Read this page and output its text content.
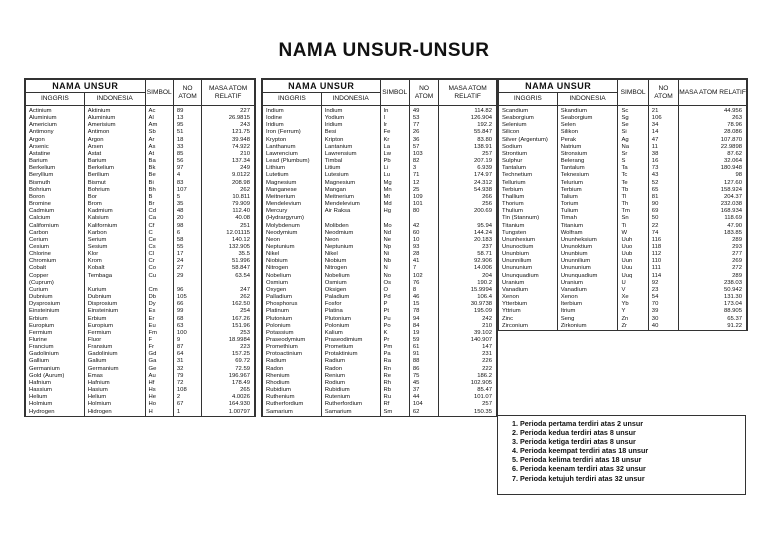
NAMA UNSUR-UNSUR
NAMA UNSUR		SIMBOL	NO ATOM	MASA ATOM RELATIF
INGGRIS	INDONESIA			
Actinium	Aktinium	Ac	89	227
Aluminium	Aluminium	Al	13	26.9815
Americium	Amerisium	Am	95	243
Antimony	Antimon	Sb	51	121.75
Argon	Argon	Ar	18	39.948
Arsenic	Arsen	As	33	74.922
Astatine	Astat	At	85	210
Barium	Barium	Ba	56	137.34
Berkelium	Berkelium	Bk	97	249
Beryllium	Berilium	Be	4	9.0122
Bismuth	Bismut	Bi	83	208.98
Bohrium	Bohrium	Bh	107	262
Boron	Bor	B	5	10.811
Bromine	Brom	Br	35	79.909
Cadmium	Kadmium	Cd	48	112.40
Calcium	Kalsium	Ca	20	40.08
Californium	Kalifornium	Cf	98	251
Carbon	Karbon	C	6	12.01115
Cerium	Serium	Ce	58	140.12
Cesium	Sesium	Cs	55	132.905
Chlorine	Klor	Cl	17	35.5
Chromium	Krom	Cr	24	51.996
Cobalt	Kobalt	Co	27	58.847
Copper	Tembaga	Cu	29	63.54
(Cuprum)				
Curium	Kurium	Cm	96	247
Dubnium	Dubnium	Db	105	262
Dysprosium	Disprosium	Dy	66	162.50
Einsteinium	Einsteinium	Es	99	254
Erbium	Erbium	Er	68	167.26
Europium	Europium	Eu	63	151.96
Fermium	Fermium	Fm	100	253
Flurine	Fluor	F	9	18.9984
Francium	Fransium	Fr	87	223
Gadolinium	Gadolinium	Gd	64	157.25
Gallium	Galium	Ga	31	69.72
Germanium	Germanium	Ge	32	72.59
Gold (Aurum)	Emas	Au	79	196.967
Hafnium	Hafnium	Hf	72	178.49
Hassium	Hasium	Hs	108	265
Helium	Helium	He	2	4.0026
Holmium	Holmium	Ho	67	164.930
Hydrogen	Hidrogen	H	1	1.00797
NAMA UNSUR		SIMBOL	NO ATOM	MASA ATOM RELATIF
INGGRIS	INDONESIA			
Indium	Indium	In	49	114.82
Iodine	Yodium	I	53	126.904
Iridium	Iridium	Ir	77	192.2
Iron (Ferrum)	Besi	Fe	26	55.847
Krypton	Kripton	Kr	36	83.80
Lanthanum	Lantanium	La	57	138.91
Lawrencium	Lawrensium	Lw	103	257
Lead (Plumbum)	Timbal	Pb	82	207.19
Lithium	Litium	Li	3	6.939
Lutetium	Lutesium	Lu	71	174.97
Magnesium	Magnesium	Mg	12	24.312
Manganese	Mangan	Mn	25	54.938
Meitnerium	Meitnerium	Mt	109	266
Mendelevium	Mendelevium	Md	101	256
Mercury	Air Raksa	Hg	80	200.69
(Hydrargyrum)				
Molybdenum	Molibden	Mo	42	95.94
Neodymium	Neodmium	Nd	60	144.24
Neon	Neon	Ne	10	20.183
Neptunium	Neptunium	Np	93	237
Nikel	Nikel	Ni	28	58.71
Niobium	Niobium	Nb	41	92.906
Nitrogen	Nitrogen	N	7	14.006
Nobelium	Nobelium	No	102	204
Osmium	Osmium	Os	76	190.2
Oxygen	Oksigen	O	8	15.9994
Palladium	Paladium	Pd	46	106.4
Phosphorus	Fosfor	P	15	30.9738
Platinum	Platina	Pt	78	195.09
Plutonium	Plutonium	Pu	94	242
Polonium	Polonium	Po	84	210
Potassium	Kalium	K	19	39.102
Praseodymium	Praseodimium	Pr	59	140.907
Promethium	Prometium	Pm	61	147
Protoactinium	Protaktinium	Pa	91	231
Radium	Radium	Ra	88	226
Radon	Radon	Rn	86	222
Rhenium	Renium	Re	75	186.2
Rhodium	Rodium	Rh	45	102.905
Rubidium	Rubidium	Rb	37	85.47
Ruthenium	Rutenium	Ru	44	101.07
Rutherfordium	Rutherfordium	Rf	104	257
Samarium	Samarium	Sm	62	150.35
NAMA UNSUR		SIMBOL	NO ATOM	MASA ATOM RELATIF
INGGRIS	INDONESIA			
Scandium	Skandium	Sc	21	44.956
Seaborgium	Seaborgium	Sg	106	263
Selenium	Selen	Se	34	78.96
Silicon	Silikon	Si	14	28.086
Silver (Argentum)	Perak	Ag	47	107.870
Sodium	Natrium	Na	11	22.9898
Strontium	Stronsium	Sr	38	87.62
Sulphur	Belerang	S	16	32.064
Tantalum	Tantalum	Ta	73	180.948
Technetium	Teknesium	Tc	43	98
Tellurium	Telurium	Te	52	127.60
Terbium	Terbium	Tb	65	158.924
Thallium	Talium	Tl	81	204.37
Thorium	Torium	Th	90	232.038
Thulium	Tulium	Tm	69	168.934
Tin (Stannum)	Timah	Sn	50	118.69
Titanium	Titanium	Ti	22	47.90
Tungsten	Wolfram	W	74	183.85
Ununhexium	Ununheksium	Uuh	116	289
Ununoctium	Ununoktium	Uuo	118	293
Ununbium	Ununbium	Uub	112	277
Ununnilium	Ununnilium	Uun	110	269
Unununium	Unununium	Uuu	111	272
Ununquadium	Ununquadium	Uuq	114	289
Uranium	Uranium	U	92	238.03
Vanadium	Vanadium	V	23	50.942
Xenon	Xenon	Xe	54	131.30
Ytterbium	Iterbium	Yb	70	173.04
Yttrium	Itrium	Y	39	88.905
Zinc	Seng	Zn	30	65.37
Zirconium	Zirkonium	Zr	40	91.22
1. Perioda pertama terdiri atas 2 unsur
2. Perioda kedua terdiri atas 8 unsur
3. Perioda ketiga terdiri atas 8 unsur
4. Perioda keempat terdiri atas 18 unsur
5. Perioda kelima terdiri atas 18 unsur
6. Perioda keenam terdiri atas 32 unsur
7. Perioda ketujuh terdiri atas 32 unsur
